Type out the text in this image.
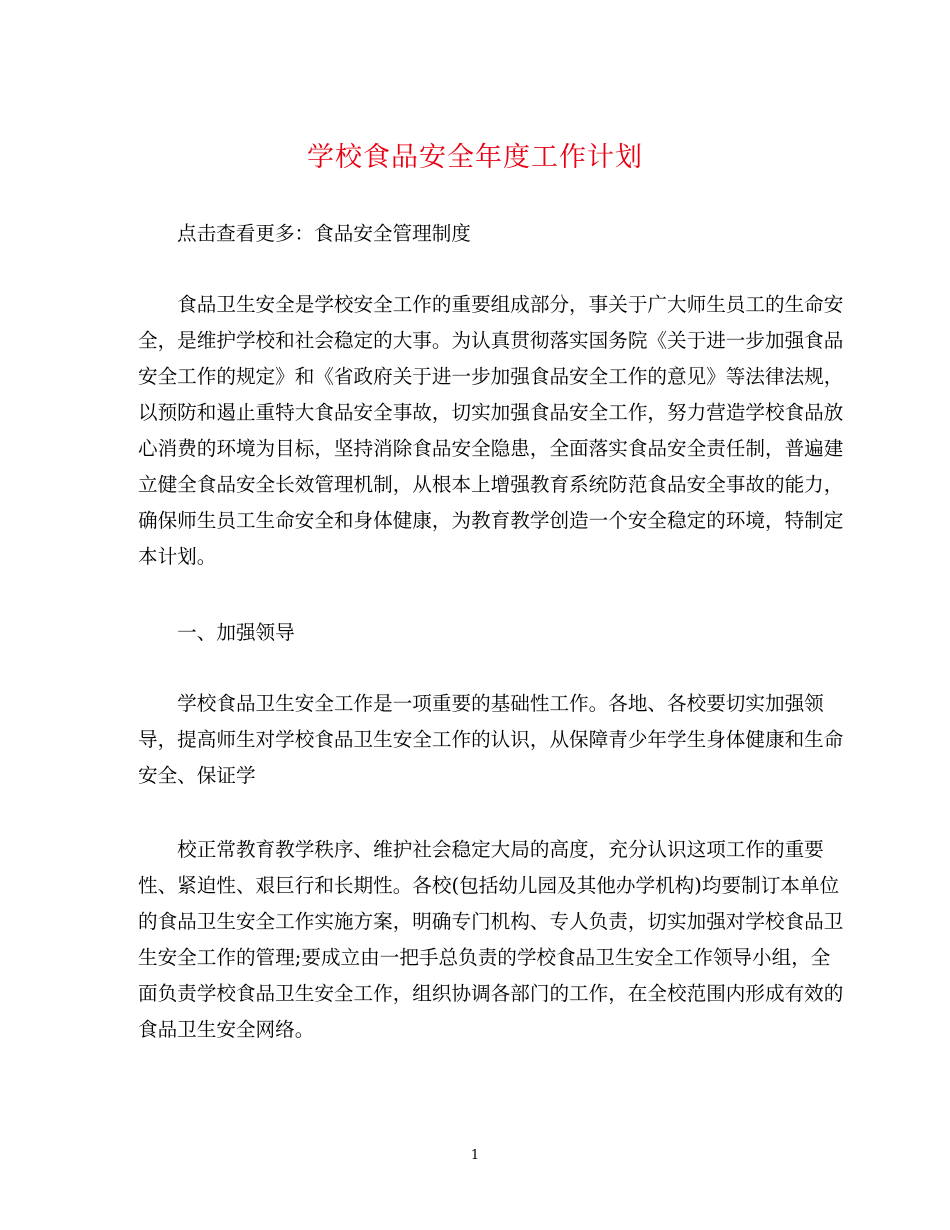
学校食品安全年度工作计划
点击查看更多：食品安全管理制度
　　食品卫生安全是学校安全工作的重要组成部分，事关于广大师生员工的生命安
全，是维护学校和社会稳定的大事。为认真贯彻落实国务院《关于进一步加强食品
安全工作的规定》和《省政府关于进一步加强食品安全工作的意见》等法律法规，
以预防和遏止重特大食品安全事故，切实加强食品安全工作，努力营造学校食品放
心消费的环境为目标，坚持消除食品安全隐患，全面落实食品安全责任制，普遍建
立健全食品安全长效管理机制，从根本上增强教育系统防范食品安全事故的能力，
确保师生员工生命安全和身体健康，为教育教学创造一个安全稳定的环境，特制定
本计划。
　　一、加强领导
　　学校食品卫生安全工作是一项重要的基础性工作。各地、各校要切实加强领
导，提高师生对学校食品卫生安全工作的认识，从保障青少年学生身体健康和生命
安全、保证学
　　校正常教育教学秩序、维护社会稳定大局的高度，充分认识这项工作的重要
性、紧迫性、艰巨行和长期性。各校(包括幼儿园及其他办学机构)均要制订本单位
的食品卫生安全工作实施方案，明确专门机构、专人负责，切实加强对学校食品卫
生安全工作的管理;要成立由一把手总负责的学校食品卫生安全工作领导小组，全
面负责学校食品卫生安全工作，组织协调各部门的工作，在全校范围内形成有效的
食品卫生安全网络。
1
